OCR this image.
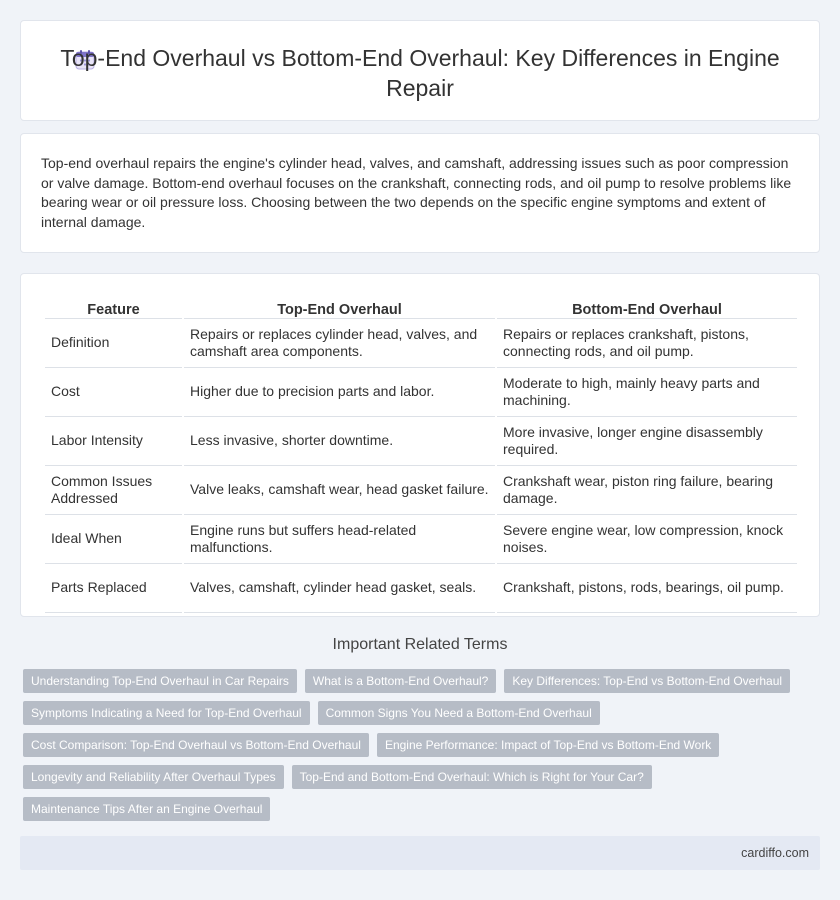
Top-End Overhaul vs Bottom-End Overhaul: Key Differences in Engine Repair

Top-end overhaul repairs the engine's cylinder head, valves, and camshaft, addressing issues such as poor compression or valve damage. Bottom-end overhaul focuses on the crankshaft, connecting rods, and oil pump to resolve problems like bearing wear or oil pressure loss. Choosing between the two depends on the specific engine symptoms and extent of internal damage.

Feature	Top-End Overhaul	Bottom-End Overhaul
Definition	Repairs or replaces cylinder head, valves, and camshaft area components.	Repairs or replaces crankshaft, pistons, connecting rods, and oil pump.
Cost	Higher due to precision parts and labor.	Moderate to high, mainly heavy parts and machining.
Labor Intensity	Less invasive, shorter downtime.	More invasive, longer engine disassembly required.
Common Issues Addressed	Valve leaks, camshaft wear, head gasket failure.	Crankshaft wear, piston ring failure, bearing damage.
Ideal When	Engine runs but suffers head-related malfunctions.	Severe engine wear, low compression, knock noises.
Parts Replaced	Valves, camshaft, cylinder head gasket, seals.	Crankshaft, pistons, rods, bearings, oil pump.
Important Related Terms
Understanding Top-End Overhaul in Car Repairs	What is a Bottom-End Overhaul?	Key Differences: Top-End vs Bottom-End Overhaul
Symptoms Indicating a Need for Top-End Overhaul	Common Signs You Need a Bottom-End Overhaul
Cost Comparison: Top-End Overhaul vs Bottom-End Overhaul	Engine Performance: Impact of Top-End vs Bottom-End Work
Longevity and Reliability After Overhaul Types	Top-End and Bottom-End Overhaul: Which is Right for Your Car?
Maintenance Tips After an Engine Overhaul
cardiffo.com
